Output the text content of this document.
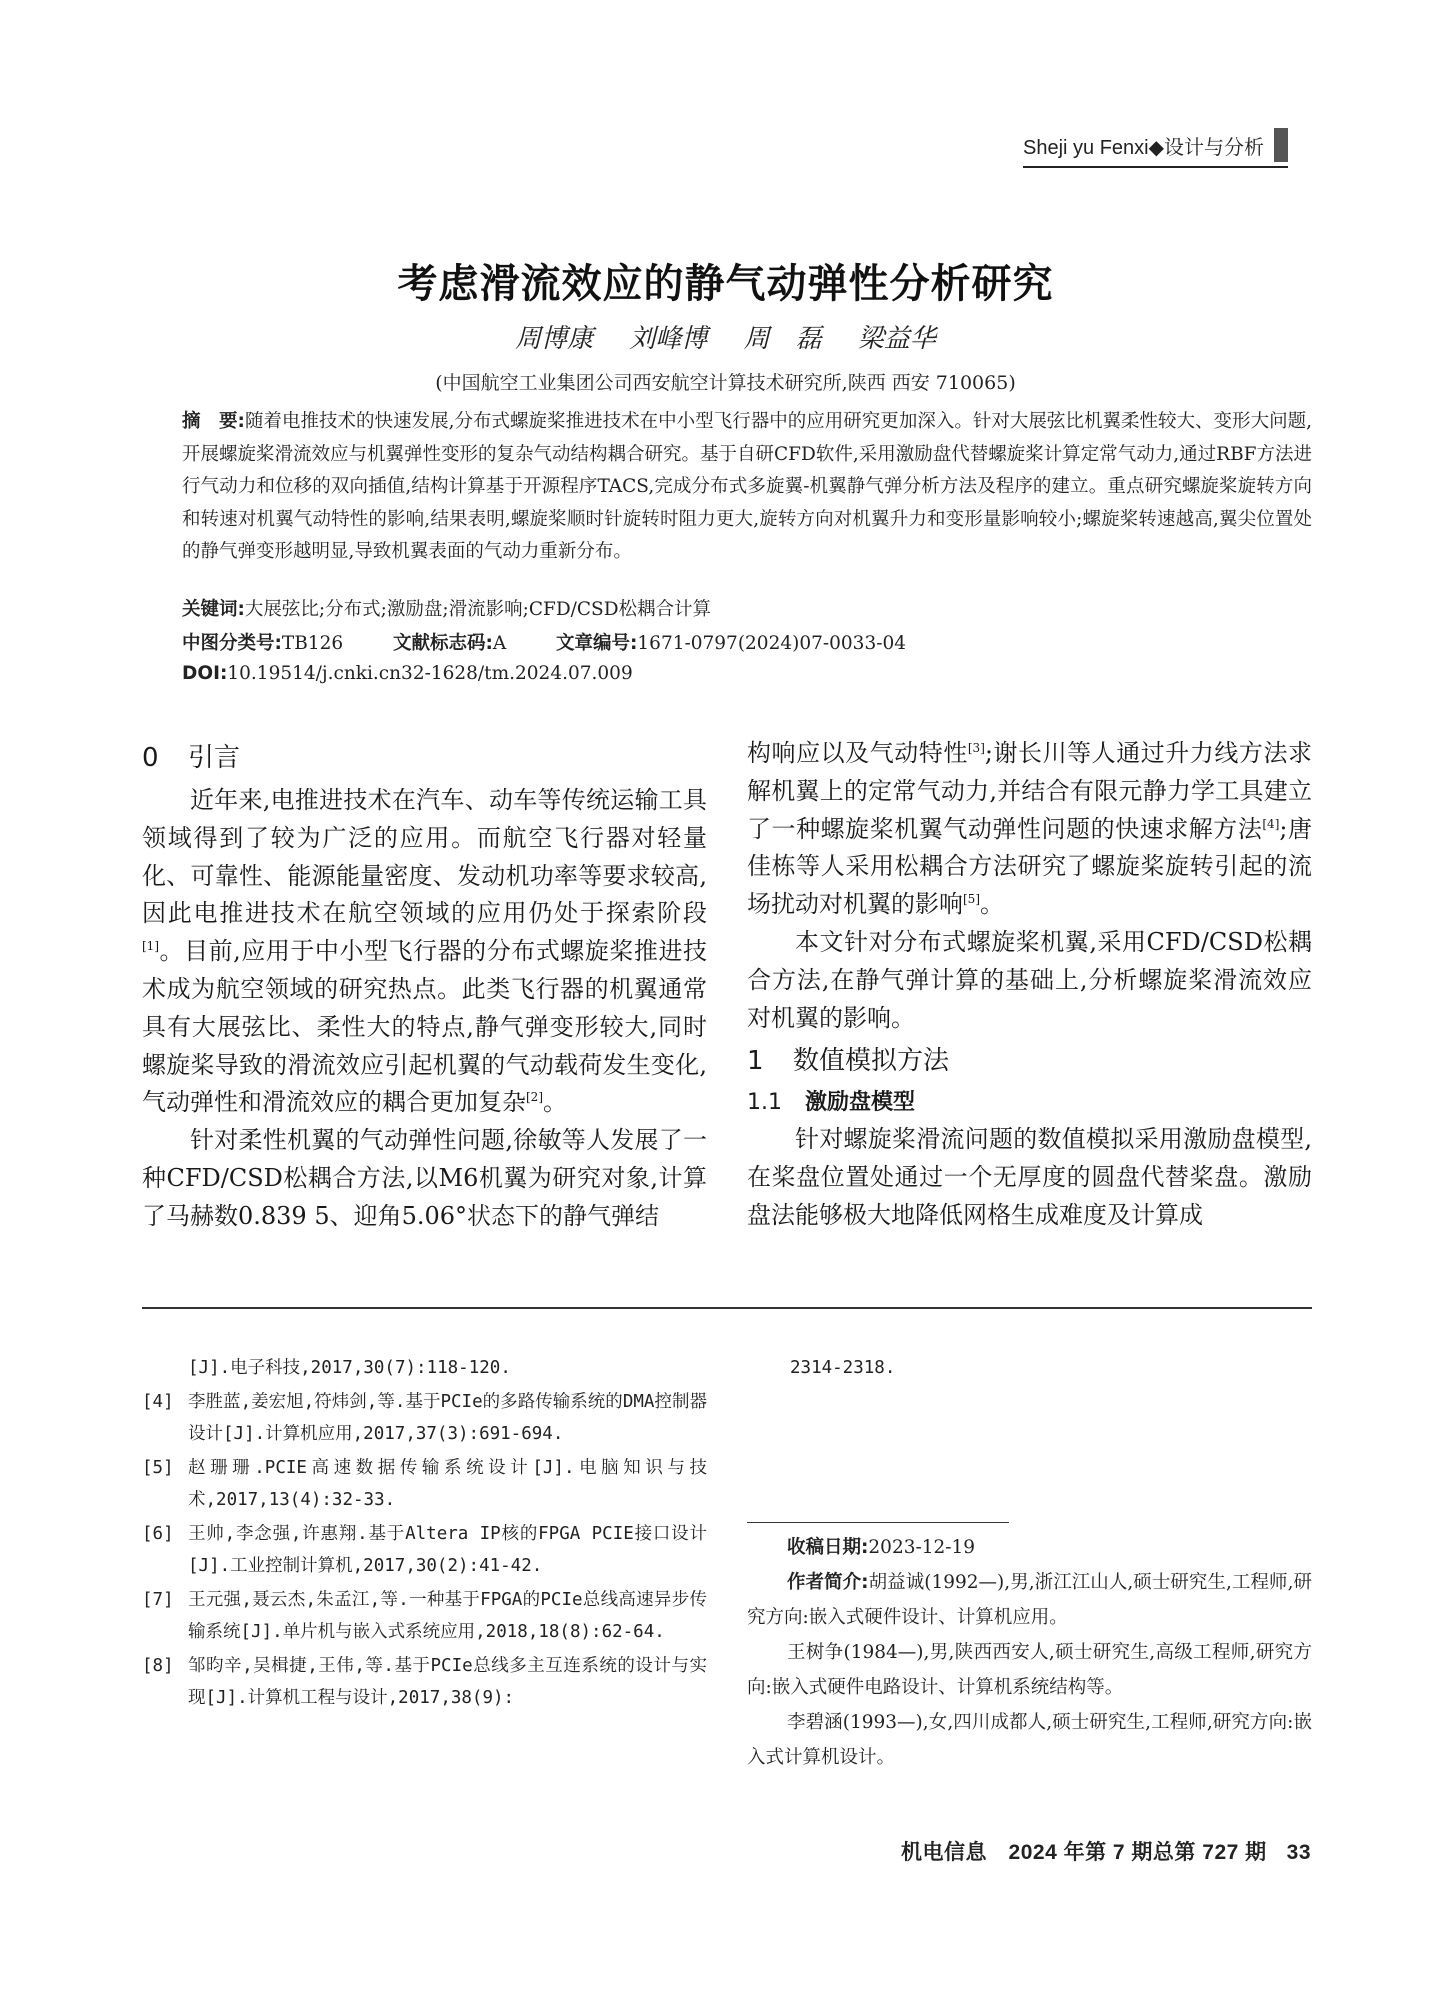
Sheji yu Fenxi◆设计与分析
考虑滑流效应的静气动弹性分析研究
周博康 刘峰博 周　磊 梁益华
(中国航空工业集团公司西安航空计算技术研究所,陕西 西安 710065)
摘　要:随着电推技术的快速发展,分布式螺旋桨推进技术在中小型飞行器中的应用研究更加深入。针对大展弦比机翼柔性较大、变形大问题,开展螺旋桨滑流效应与机翼弹性变形的复杂气动结构耦合研究。基于自研CFD软件,采用激励盘代替螺旋桨计算定常气动力,通过RBF方法进行气动力和位移的双向插值,结构计算基于开源程序TACS,完成分布式多旋翼-机翼静气弹分析方法及程序的建立。重点研究螺旋桨旋转方向和转速对机翼气动特性的影响,结果表明,螺旋桨顺时针旋转时阻力更大,旋转方向对机翼升力和变形量影响较小;螺旋桨转速越高,翼尖位置处的静气弹变形越明显,导致机翼表面的气动力重新分布。
关键词:大展弦比;分布式;激励盘;滑流影响;CFD/CSD松耦合计算
中图分类号:TB126	文献标志码:A	文章编号:1671-0797(2024)07-0033-04
DOI:10.19514/j.cnki.cn32-1628/tm.2024.07.009
0 引言

近年来,电推进技术在汽车、动车等传统运输工具领域得到了较为广泛的应用。而航空飞行器对轻量化、可靠性、能源能量密度、发动机功率等要求较高,因此电推进技术在航空领域的应用仍处于探索阶段[1]。目前,应用于中小型飞行器的分布式螺旋桨推进技术成为航空领域的研究热点。此类飞行器的机翼通常具有大展弦比、柔性大的特点,静气弹变形较大,同时螺旋桨导致的滑流效应引起机翼的气动载荷发生变化,气动弹性和滑流效应的耦合更加复杂[2]。

针对柔性机翼的气动弹性问题,徐敏等人发展了一种CFD/CSD松耦合方法,以M6机翼为研究对象,计算了马赫数0.839 5、迎角5.06°状态下的静气弹结

构响应以及气动特性[3];谢长川等人通过升力线方法求解机翼上的定常气动力,并结合有限元静力学工具建立了一种螺旋桨机翼气动弹性问题的快速求解方法[4];唐佳栋等人采用松耦合方法研究了螺旋桨旋转引起的流场扰动对机翼的影响[5]。

本文针对分布式螺旋桨机翼,采用CFD/CSD松耦合方法,在静气弹计算的基础上,分析螺旋桨滑流效应对机翼的影响。

1 数值模拟方法
1.1 激励盘模型

针对螺旋桨滑流问题的数值模拟采用激励盘模型,在桨盘位置处通过一个无厚度的圆盘代替桨盘。激励盘法能够极大地降低网格生成难度及计算成

[J].电子科技,2017,30(7):118-120.
[4] 李胜蓝,姜宏旭,符炜剑,等.基于PCIe的多路传输系统的DMA控制器设计[J].计算机应用,2017,37(3):691-694.
[5] 赵珊珊.PCIE高速数据传输系统设计[J].电脑知识与技术,2017,13(4):32-33.
[6] 王帅,李念强,许惠翔.基于Altera IP核的FPGA PCIE接口设计[J].工业控制计算机,2017,30(2):41-42.
[7] 王元强,聂云杰,朱孟江,等.一种基于FPGA的PCIe总线高速异步传输系统[J].单片机与嵌入式系统应用,2018,18(8):62-64.
[8] 邹昀辛,吴楫捷,王伟,等.基于PCIe总线多主互连系统的设计与实现[J].计算机工程与设计,2017,38(9):
2314-2318.

收稿日期:2023-12-19

作者简介:胡益诚(1992—),男,浙江江山人,硕士研究生,工程师,研究方向:嵌入式硬件设计、计算机应用。

王树争(1984—),男,陕西西安人,硕士研究生,高级工程师,研究方向:嵌入式硬件电路设计、计算机系统结构等。

李碧涵(1993—),女,四川成都人,硕士研究生,工程师,研究方向:嵌入式计算机设计。

机电信息　2024 年第 7 期总第 727 期 33
